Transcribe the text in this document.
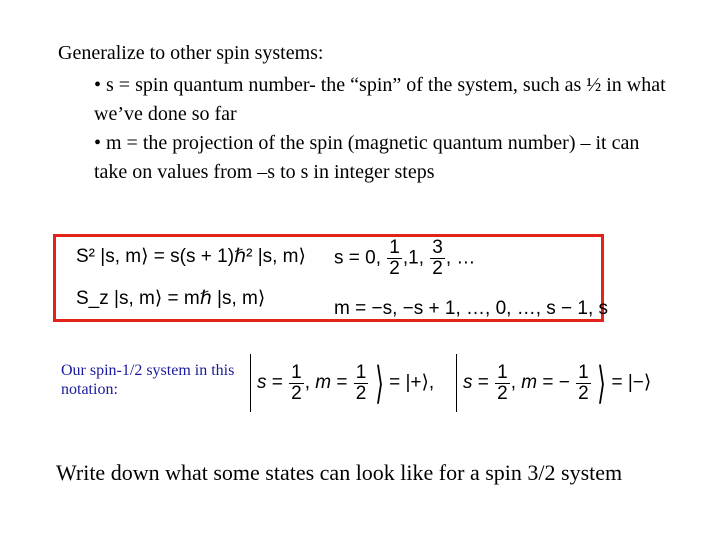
Generalize to other spin systems:

• s = spin quantum number- the “spin” of the system, such as ½ in what we’ve done so far

• m = the projection of the spin (magnetic quantum number) – it can take on values from –s to s in integer steps

S² |s, m⟩ = s(s + 1)ℏ² |s, m⟩ s = 0, $\frac{1}{2} ,1$, $\frac{3}{2}$ , …
S_z |s, m⟩ = mℏ |s, m⟩	m = −s, −s + 1, …, 0, …, s − 1, s
Our spin-1/2 system in this notation:	$s = \frac{1}{2}$ , $m = \frac{1}{2}$ ⟩ = |+⟩,	$s = \frac{1}{2}$ , m = − $\frac{1}{2}$ ⟩ = |−⟩
Write down what some states can look like for a spin 3/2 system
